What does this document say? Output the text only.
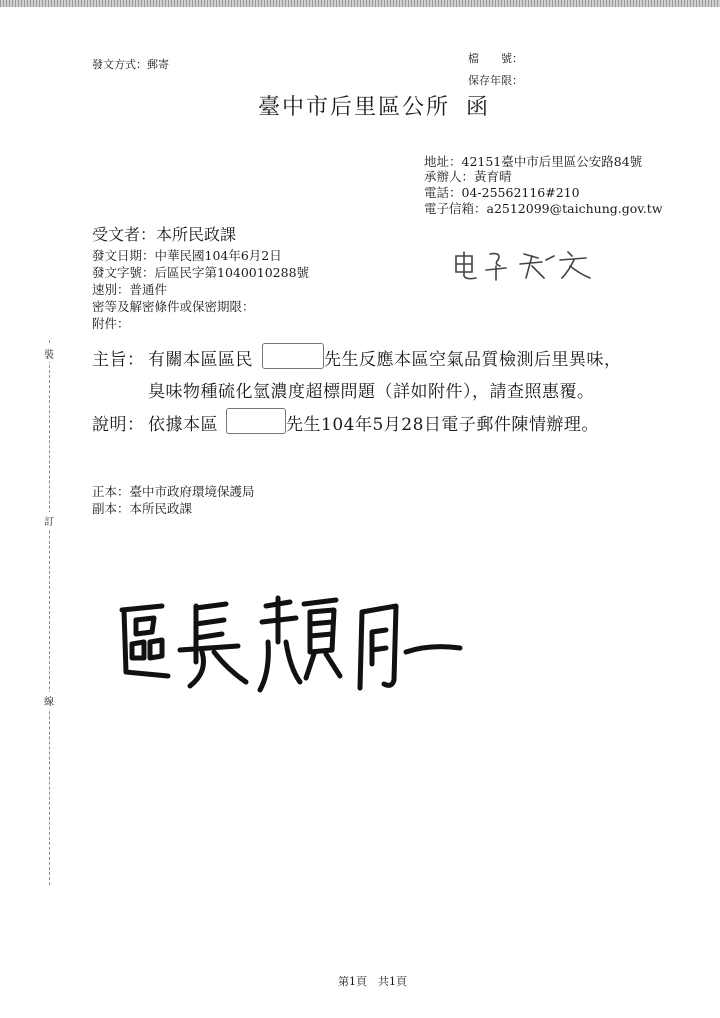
發文方式：郵寄	檔　　號：
保存年限：
臺中市后里區公所 函
地址：42151臺中市后里區公安路84號
承辦人：黃育晴
電話：04-25562116#210
電子信箱：a2512099@taichung.gov.tw
受文者：本所民政課
發文日期：中華民國104年6月2日
發文字號：后區民字第1040010288號
速別：普通件
密等及解密條件或保密期限：
附件：
主旨： 有關本區區民	先生反應本區空氣品質檢測后里異味，
臭味物種硫化氫濃度超標問題（詳如附件），請查照惠覆。
說明： 依據本區	先生104年5月28日電子郵件陳情辦理。
正本：臺中市政府環境保護局
副本：本所民政課
裝
訂
線
第1頁　共1頁
